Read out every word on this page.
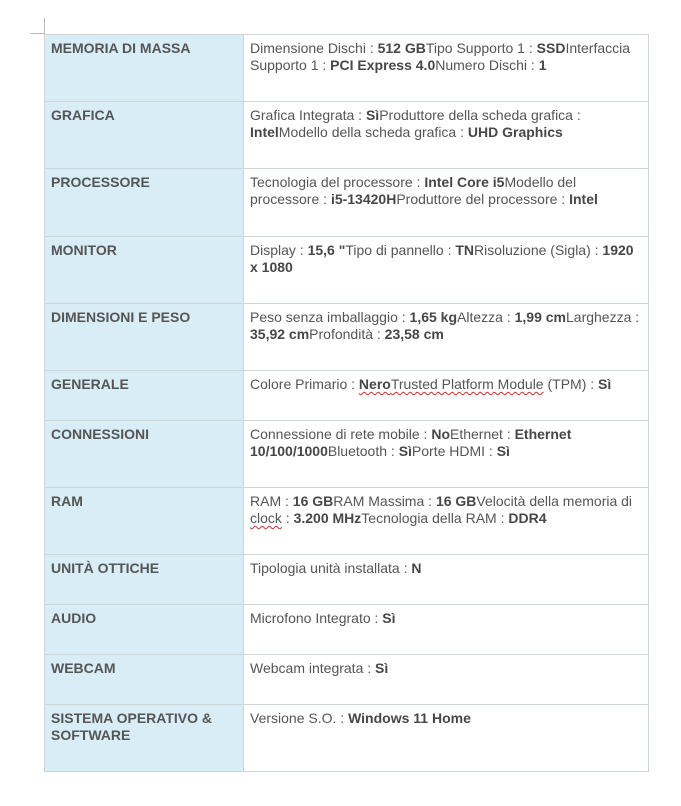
MEMORIA DI MASSA	Dimensione Dischi : 512 GBTipo Supporto 1 : SSDInterfaccia Supporto 1 : PCI Express 4.0Numero Dischi : 1
GRAFICA	Grafica Integrata : SìProduttore della scheda grafica : IntelModello della scheda grafica : UHD Graphics
PROCESSORE	Tecnologia del processore : Intel Core i5Modello del processore : i5-13420HProduttore del processore : Intel
MONITOR	Display : 15,6 "Tipo di pannello : TNRisoluzione (Sigla) : 1920 x 1080
DIMENSIONI E PESO	Peso senza imballaggio : 1,65 kgAltezza : 1,99 cmLarghezza : 35,92 cmProfondità : 23,58 cm
GENERALE	Colore Primario : NeroTrusted Platform Module (TPM) : Sì
CONNESSIONI	Connessione di rete mobile : NoEthernet : Ethernet 10/100/1000Bluetooth : SìPorte HDMI : Sì
RAM	RAM : 16 GBRAM Massima : 16 GBVelocità della memoria di clock : 3.200 MHzTecnologia della RAM : DDR4
UNITÀ OTTICHE	Tipologia unità installata : N
AUDIO	Microfono Integrato : Sì
WEBCAM	Webcam integrata : Sì
SISTEMA OPERATIVO & SOFTWARE	Versione S.O. : Windows 11 Home
